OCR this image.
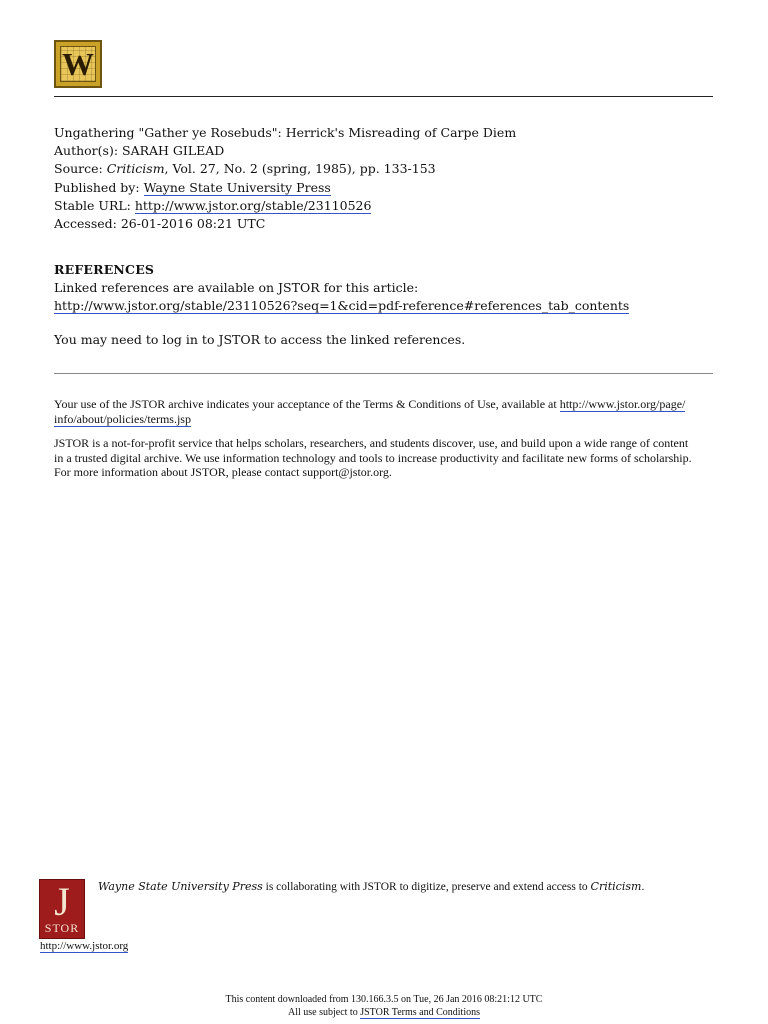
W
Ungathering "Gather ye Rosebuds": Herrick's Misreading of Carpe Diem
Author(s): SARAH GILEAD
Source: Criticism, Vol. 27, No. 2 (spring, 1985), pp. 133-153
Published by: Wayne State University Press
Stable URL: http://www.jstor.org/stable/23110526
Accessed: 26-01-2016 08:21 UTC
REFERENCES
Linked references are available on JSTOR for this article:
http://www.jstor.org/stable/23110526?seq=1&cid=pdf-reference#references_tab_contents
You may need to log in to JSTOR to access the linked references.

Your use of the JSTOR archive indicates your acceptance of the Terms & Conditions of Use, available at http://www.jstor.org/page/
info/about/policies/terms.jsp

JSTOR is a not-for-profit service that helps scholars, researchers, and students discover, use, and build upon a wide range of content
in a trusted digital archive. We use information technology and tools to increase productivity and facilitate new forms of scholarship.
For more information about JSTOR, please contact support@jstor.org.

J
STOR
Wayne State University Press is collaborating with JSTOR to digitize, preserve and extend access to Criticism.
http://www.jstor.org
This content downloaded from 130.166.3.5 on Tue, 26 Jan 2016 08:21:12 UTC
All use subject to JSTOR Terms and Conditions
